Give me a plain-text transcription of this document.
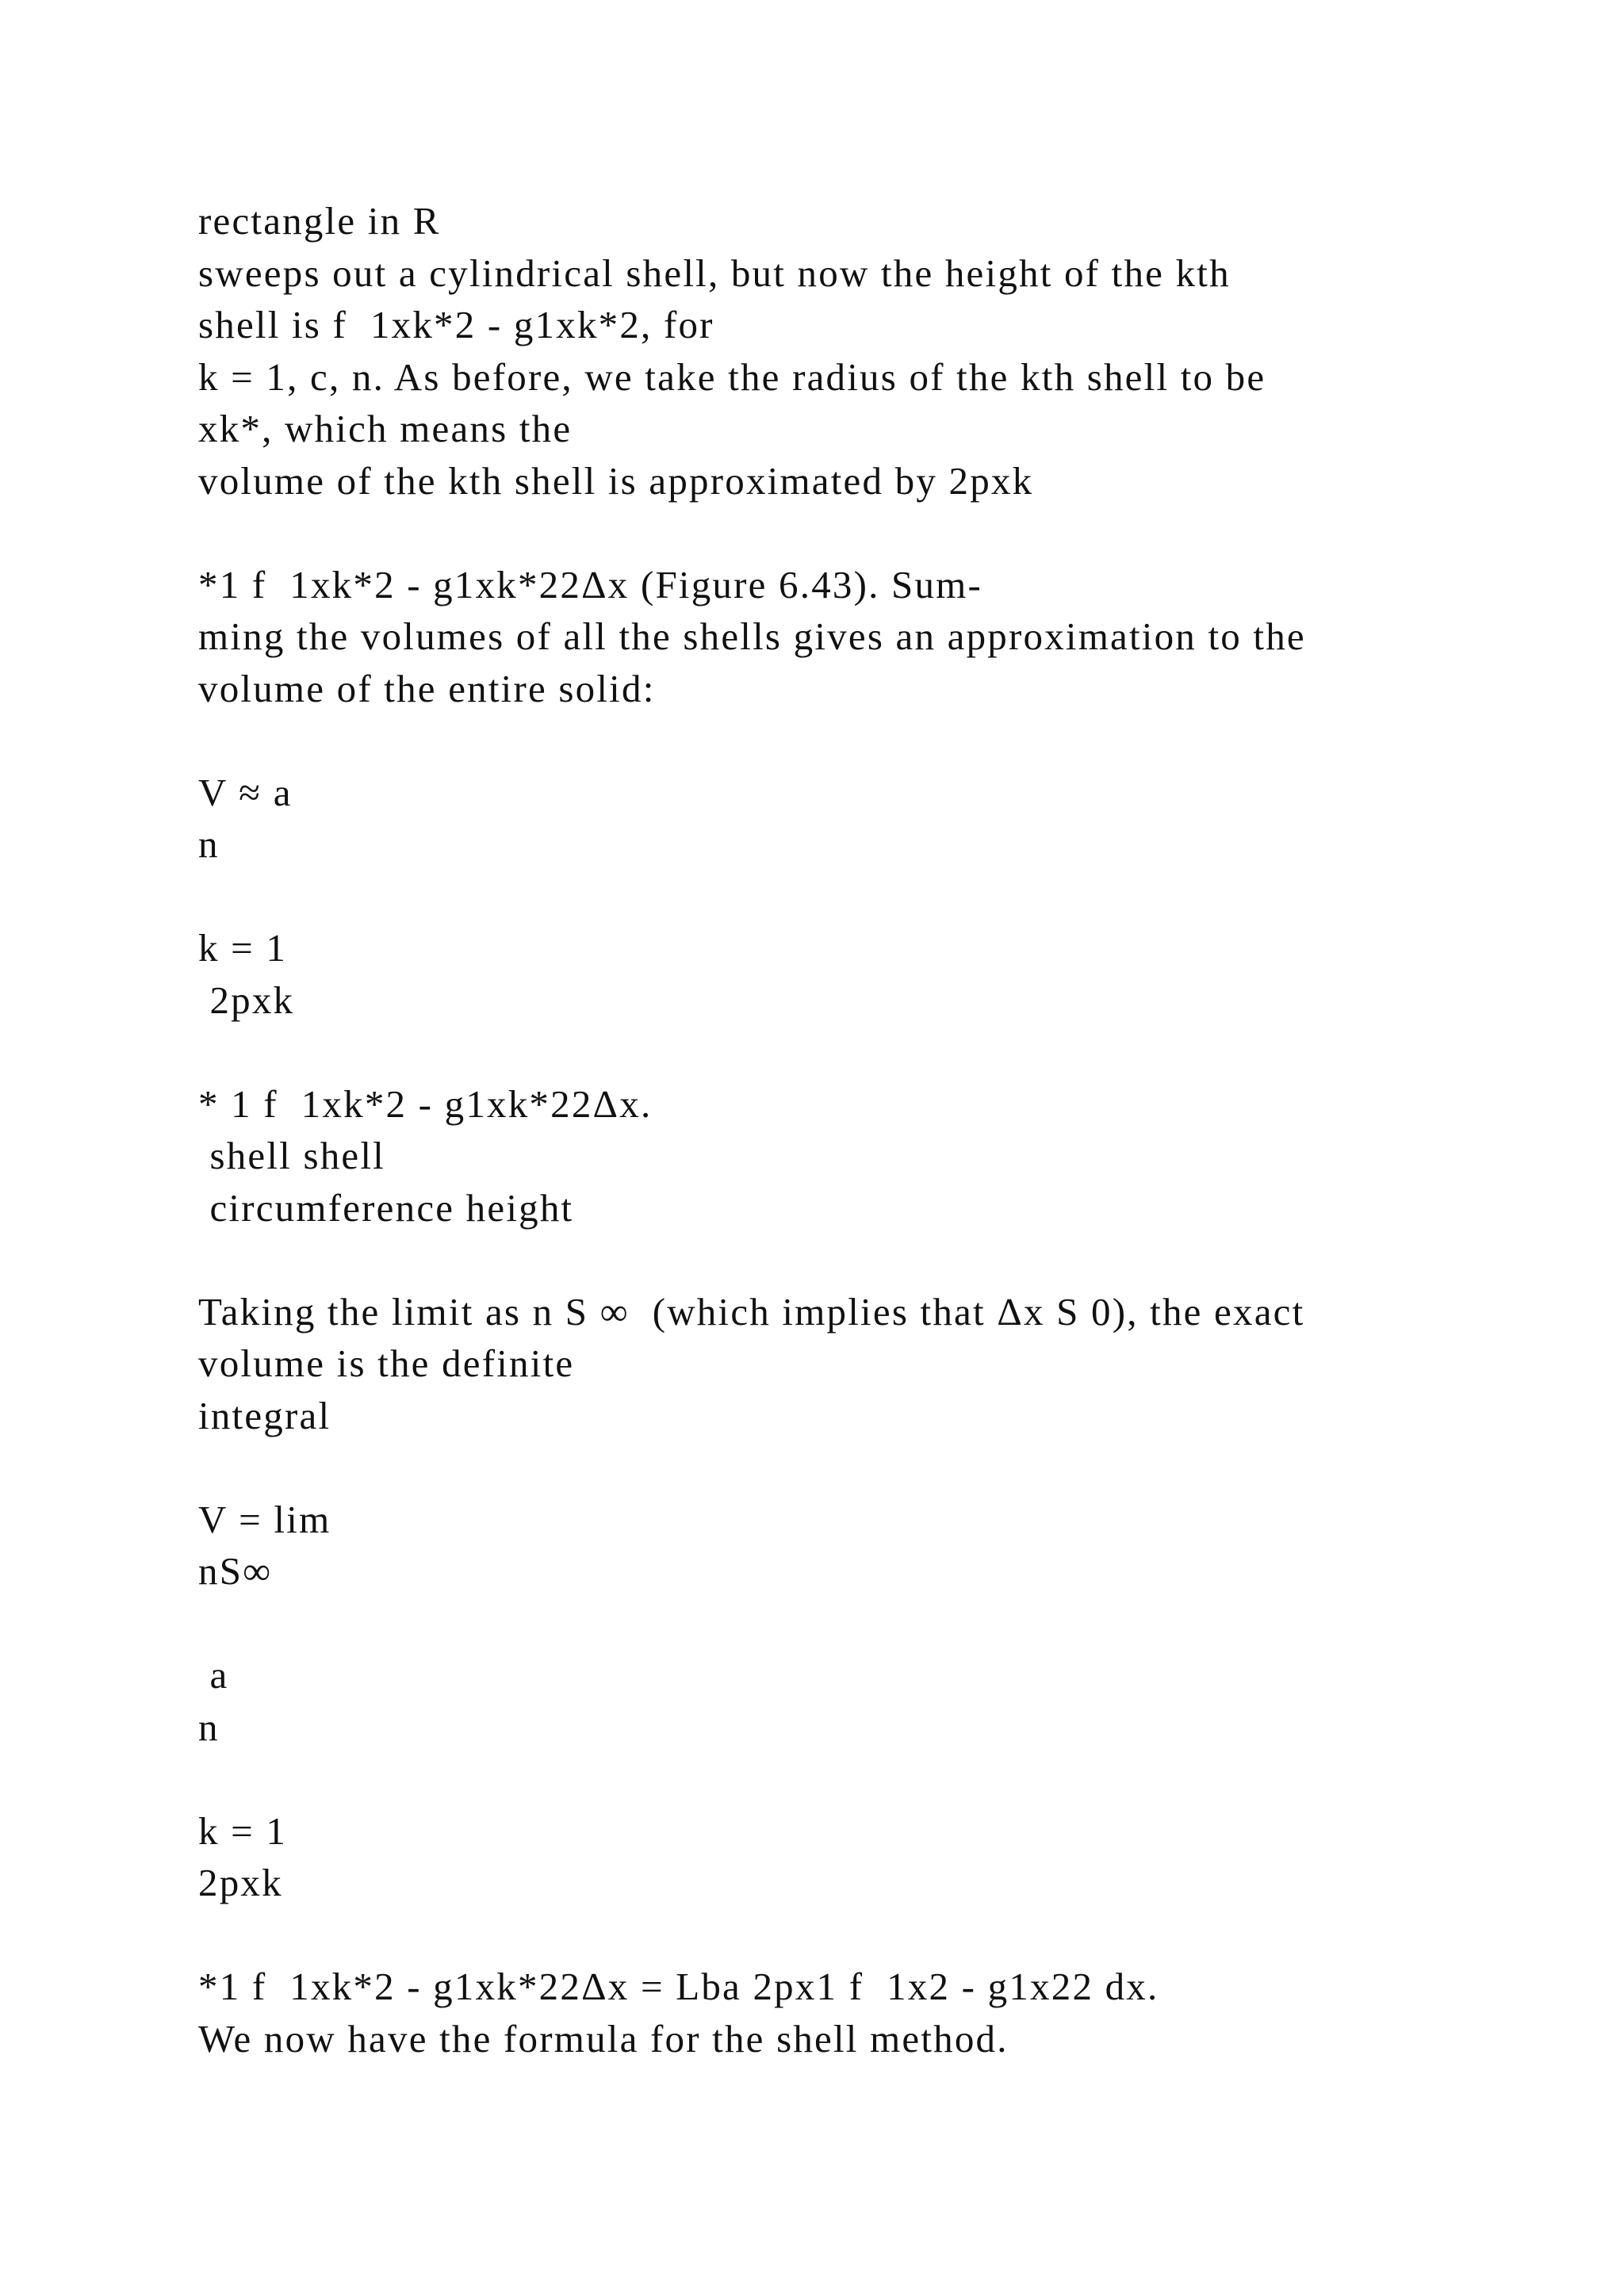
rectangle in R
sweeps out a cylindrical shell, but now the height of the kth
shell is f  1xk*2 - g1xk*2, for
k = 1, c, n. As before, we take the radius of the kth shell to be
xk*, which means the
volume of the kth shell is approximated by 2pxk
*1 f  1xk*2 - g1xk*22Δx (Figure 6.43). Sum-
ming the volumes of all the shells gives an approximation to the
volume of the entire solid:
V ≈ a
n
k = 1
2pxk
* 1 f  1xk*2 - g1xk*22Δx.
shell shell
circumference height
Taking the limit as n S ∞  (which implies that Δx S 0), the exact
volume is the definite
integral
V = lim
nS∞
a
n
k = 1
2pxk
*1 f  1xk*2 - g1xk*22Δx = Lba 2px1 f  1x2 - g1x22 dx.
We now have the formula for the shell method.
